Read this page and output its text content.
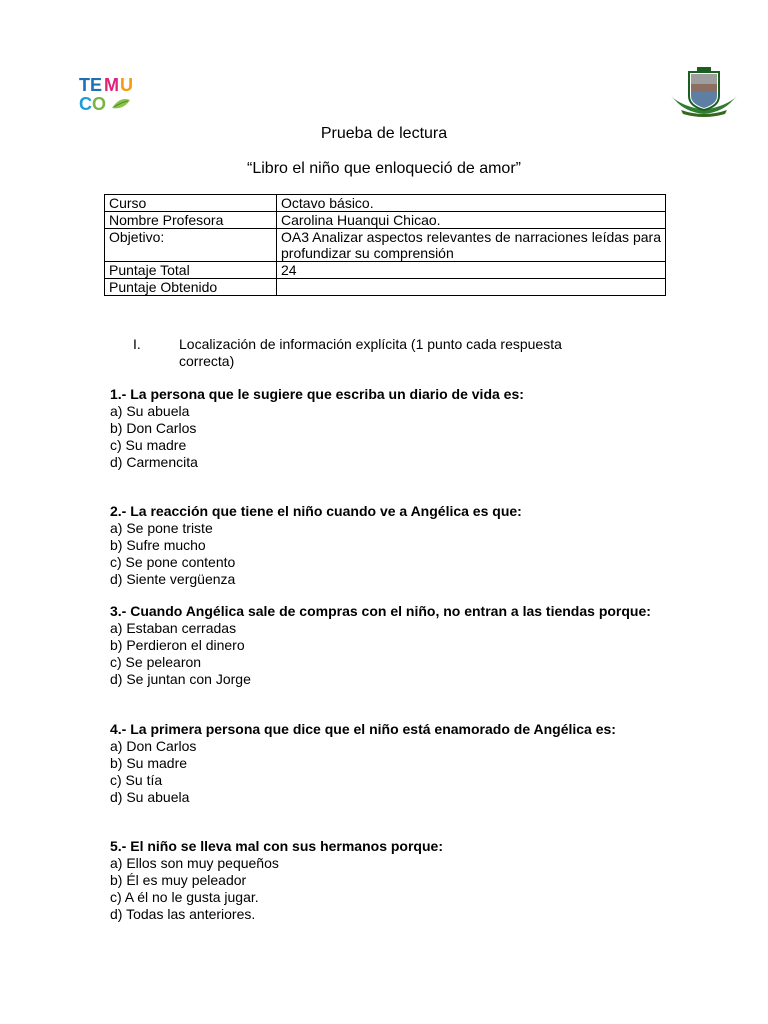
TE M U
C O
Prueba de lectura
“Libro el niño que enloqueció de amor”
Curso	Octavo básico.
Nombre Profesora	Carolina Huanqui Chicao.
Objetivo:	OA3 Analizar aspectos relevantes de narraciones leídas para profundizar su comprensión
Puntaje Total	24
Puntaje Obtenido	
I.	Localización de información explícita (1 punto cada respuesta correcta)
1.- La persona que le sugiere que escriba un diario de vida es:
a) Su abuela
b) Don Carlos
c) Su madre
d) Carmencita
2.- La reacción que tiene el niño cuando ve a Angélica es que:
a) Se pone triste
b) Sufre mucho
c) Se pone contento
d) Siente vergüenza
3.- Cuando Angélica sale de compras con el niño, no entran a las tiendas porque:
a) Estaban cerradas
b) Perdieron el dinero
c) Se pelearon
d) Se juntan con Jorge
4.- La primera persona que dice que el niño está enamorado de Angélica es:
a) Don Carlos
b) Su madre
c) Su tía
d) Su abuela
5.- El niño se lleva mal con sus hermanos porque:
a) Ellos son muy pequeños
b) Él es muy peleador
c) A él no le gusta jugar.
d) Todas las anteriores.
